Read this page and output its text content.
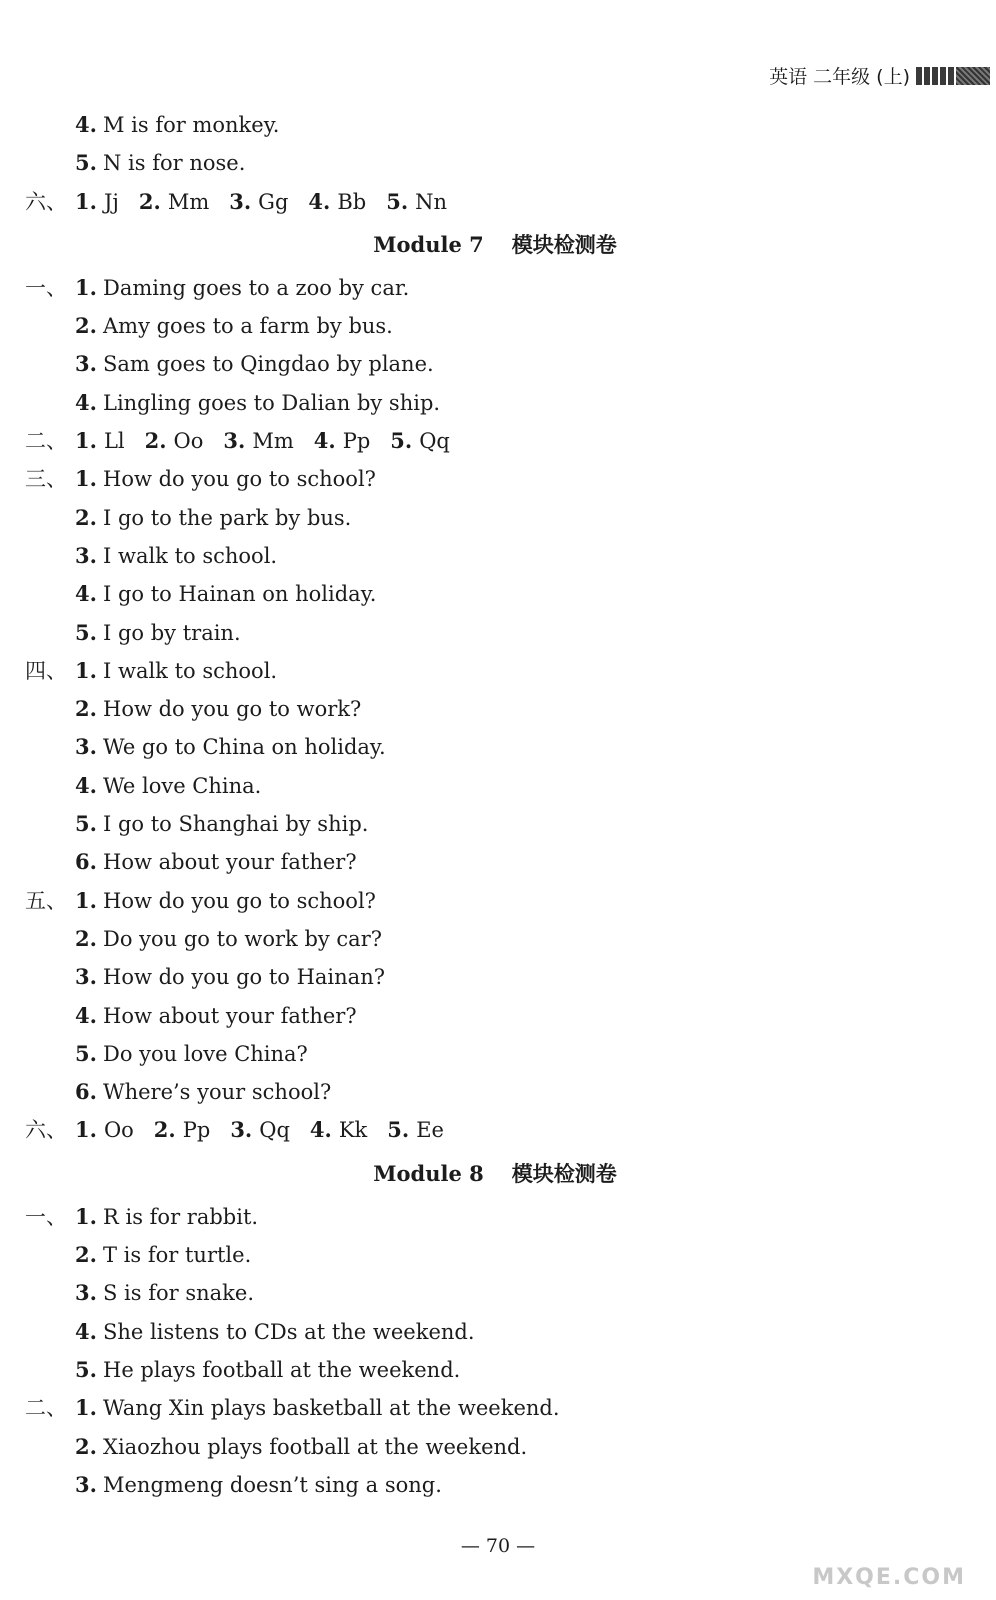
英语 二年级 (上)
4. M is for monkey.
5. N is for nose.
六、 1. Jj 2. Mm 3. Gg 4. Bb 5. Nn
Module 7 模块检测卷
一、 1. Daming goes to a zoo by car.
2. Amy goes to a farm by bus.
3. Sam goes to Qingdao by plane.
4. Lingling goes to Dalian by ship.
二、 1. Ll 2. Oo 3. Mm 4. Pp 5. Qq
三、 1. How do you go to school?
2. I go to the park by bus.
3. I walk to school.
4. I go to Hainan on holiday.
5. I go by train.
四、 1. I walk to school.
2. How do you go to work?
3. We go to China on holiday.
4. We love China.
5. I go to Shanghai by ship.
6. How about your father?
五、 1. How do you go to school?
2. Do you go to work by car?
3. How do you go to Hainan?
4. How about your father?
5. Do you love China?
6. Where’s your school?
六、 1. Oo 2. Pp 3. Qq 4. Kk 5. Ee
Module 8 模块检测卷
一、 1. R is for rabbit.
2. T is for turtle.
3. S is for snake.
4. She listens to CDs at the weekend.
5. He plays football at the weekend.
二、 1. Wang Xin plays basketball at the weekend.
2. Xiaozhou plays football at the weekend.
3. Mengmeng doesn’t sing a song.
— 70 —
MXQE.COM
